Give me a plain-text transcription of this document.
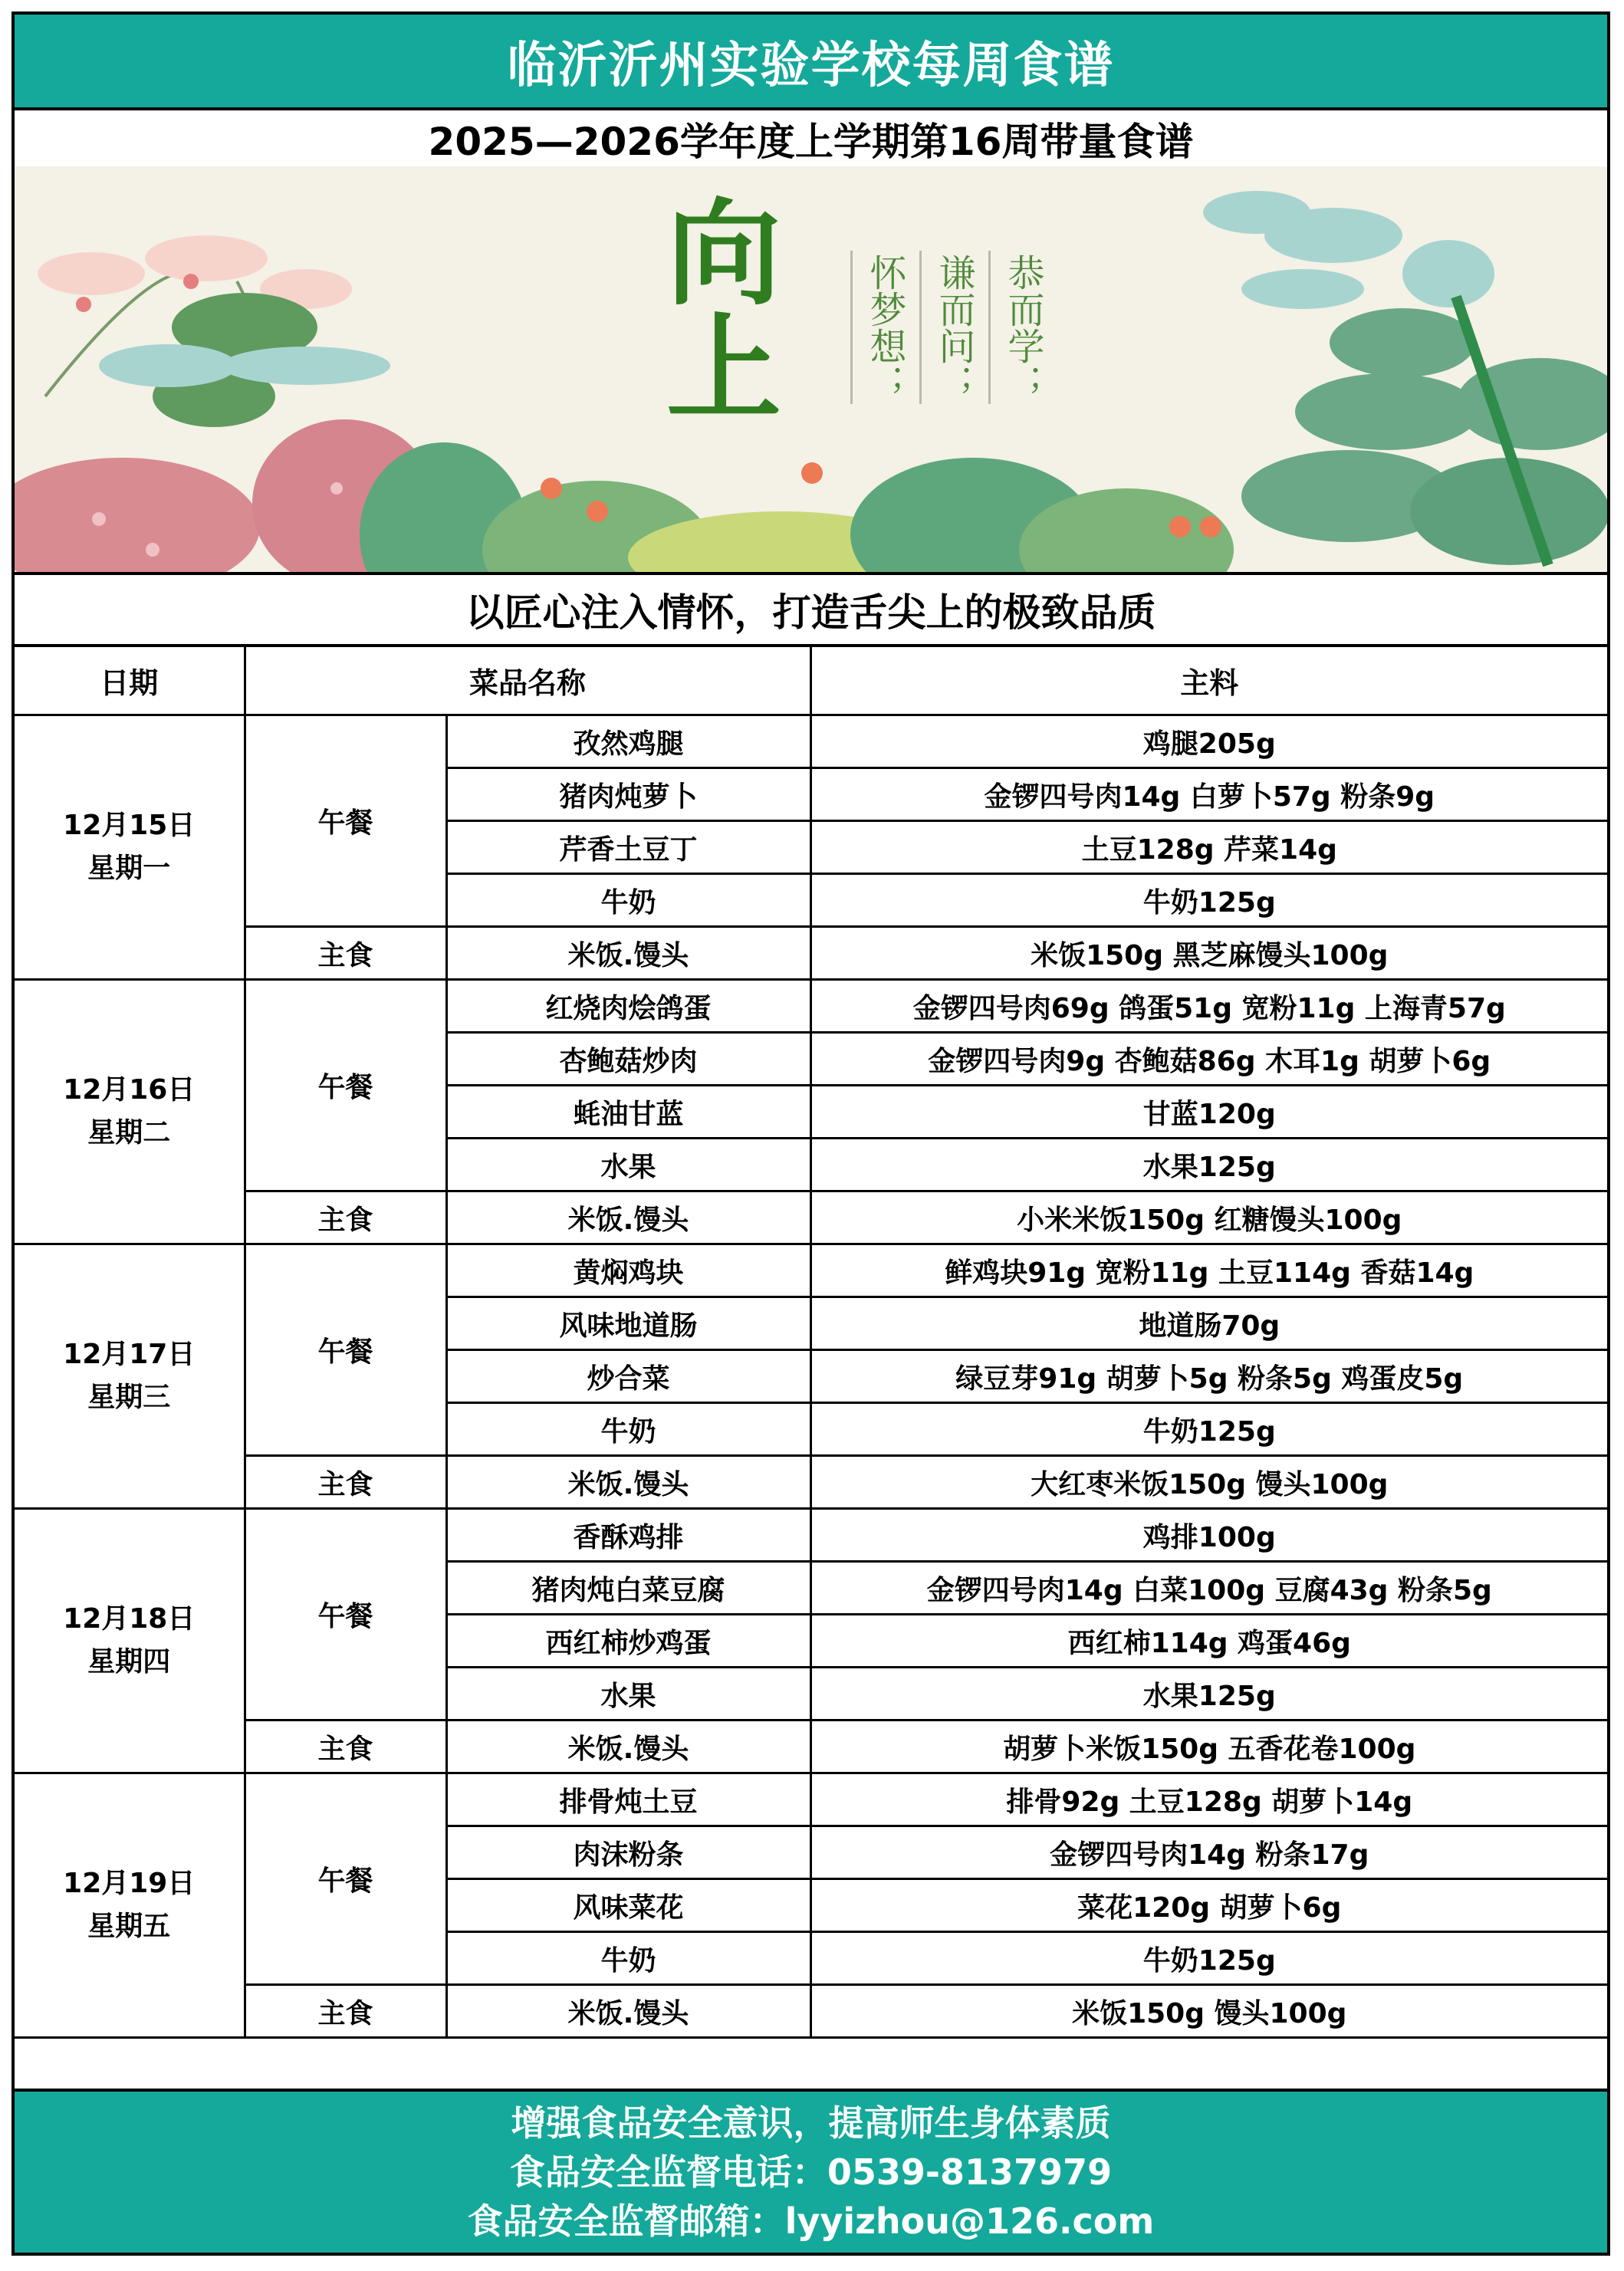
临沂沂州实验学校每周食谱
2025—2026学年度上学期第16周带量食谱
向上	恭而学；
谦而问；
怀梦想；
以匠心注入情怀，打造舌尖上的极致品质
日期	菜品名称		主料

12月15日
星期一	午餐	孜然鸡腿	鸡腿205g
		猪肉炖萝卜	金锣四号肉14g 白萝卜57g 粉条9g
		芹香土豆丁	土豆128g 芹菜14g
		牛奶	牛奶125g
	主食	米饭.馒头	米饭150g 黑芝麻馒头100g

12月16日
星期二	午餐	红烧肉烩鸽蛋	金锣四号肉69g 鸽蛋51g 宽粉11g 上海青57g
		杏鲍菇炒肉	金锣四号肉9g 杏鲍菇86g 木耳1g 胡萝卜6g
		蚝油甘蓝	甘蓝120g
		水果	水果125g
	主食	米饭.馒头	小米米饭150g 红糖馒头100g

12月17日
星期三	午餐	黄焖鸡块	鲜鸡块91g 宽粉11g 土豆114g 香菇14g
		风味地道肠	地道肠70g
		炒合菜	绿豆芽91g 胡萝卜5g 粉条5g 鸡蛋皮5g
		牛奶	牛奶125g
	主食	米饭.馒头	大红枣米饭150g 馒头100g

12月18日
星期四	午餐	香酥鸡排	鸡排100g
		猪肉炖白菜豆腐	金锣四号肉14g 白菜100g 豆腐43g 粉条5g
		西红柿炒鸡蛋	西红柿114g 鸡蛋46g
		水果	水果125g
	主食	米饭.馒头	胡萝卜米饭150g 五香花卷100g

12月19日
星期五	午餐	排骨炖土豆	排骨92g 土豆128g 胡萝卜14g
		肉沫粉条	金锣四号肉14g 粉条17g
		风味菜花	菜花120g 胡萝卜6g
		牛奶	牛奶125g
	主食	米饭.馒头	米饭150g 馒头100g
增强食品安全意识，提高师生身体素质
食品安全监督电话：0539-8137979
食品安全监督邮箱：lyyizhou@126.com
